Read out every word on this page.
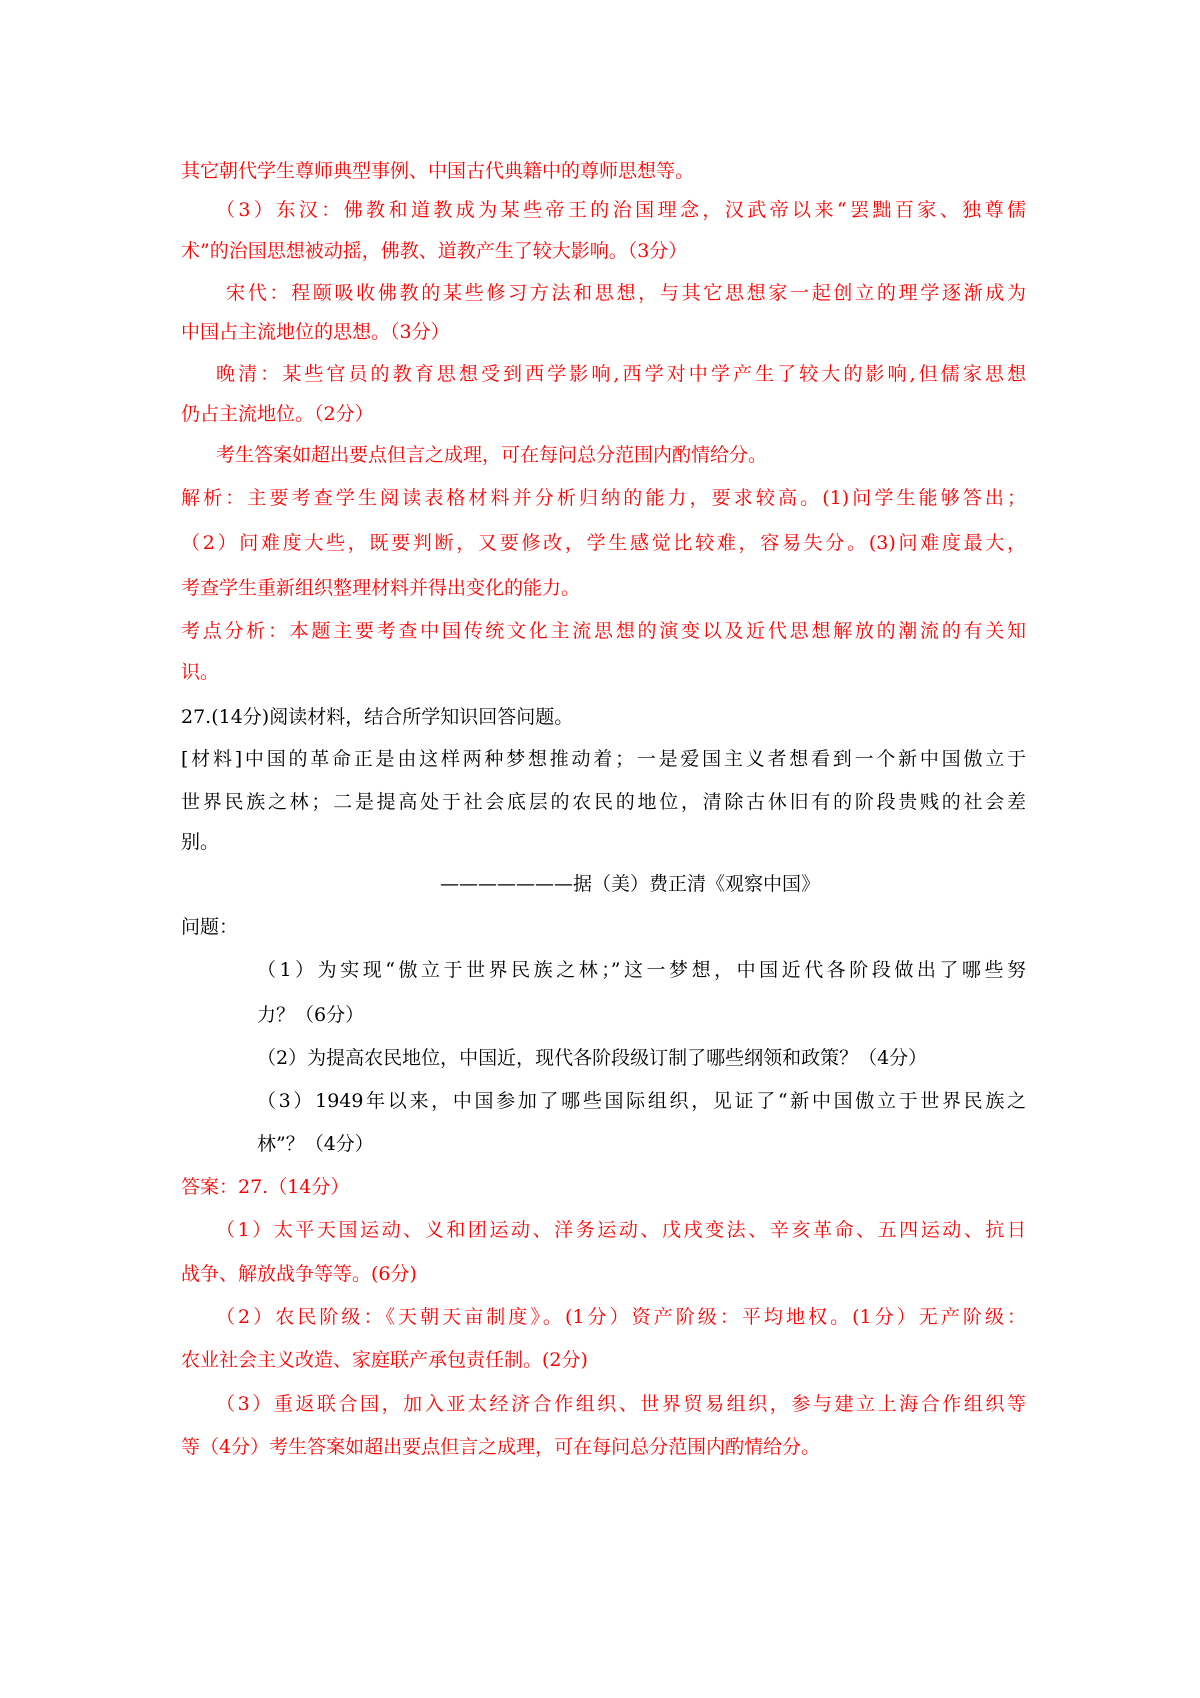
其它朝代学生尊师典型事例、中国古代典籍中的尊师思想等。
（3）东汉：佛教和道教成为某些帝王的治国理念，汉武帝以来“罢黜百家、独尊儒
术”的治国思想被动摇，佛教、道教产生了较大影响。（3分）
宋代：程颐吸收佛教的某些修习方法和思想，与其它思想家一起创立的理学逐渐成为
中国占主流地位的思想。（3分）
晚清：某些官员的教育思想受到西学影响,西学对中学产生了较大的影响,但儒家思想
仍占主流地位。（2分）
考生答案如超出要点但言之成理，可在每问总分范围内酌情给分。
解析：主要考查学生阅读表格材料并分析归纳的能力，要求较高。(1)问学生能够答出；
（2）问难度大些，既要判断，又要修改，学生感觉比较难，容易失分。(3)问难度最大，
考查学生重新组织整理材料并得出变化的能力。
考点分析：本题主要考查中国传统文化主流思想的演变以及近代思想解放的潮流的有关知
识。
27.(14分)阅读材料，结合所学知识回答问题。
[材料]中国的革命正是由这样两种梦想推动着；一是爱国主义者想看到一个新中国傲立于
世界民族之林；二是提高处于社会底层的农民的地位，清除古休旧有的阶段贵贱的社会差
别。
———————据（美）费正清《观察中国》
问题：
（1）为实现“傲立于世界民族之林；”这一梦想，中国近代各阶段做出了哪些努
力？（6分）
（2）为提高农民地位，中国近，现代各阶段级订制了哪些纲领和政策？（4分）
（3）1949年以来，中国参加了哪些国际组织，见证了“新中国傲立于世界民族之
林”？（4分）
答案：27.（14分）
（1）太平天国运动、义和团运动、洋务运动、戊戌变法、辛亥革命、五四运动、抗日
战争、解放战争等等。(6分)
（2）农民阶级：《天朝天亩制度》。(1分）资产阶级：平均地权。(1分）无产阶级：
农业社会主义改造、家庭联产承包责任制。(2分)
（3）重返联合国，加入亚太经济合作组织、世界贸易组织，参与建立上海合作组织等
等（4分）考生答案如超出要点但言之成理，可在每问总分范围内酌情给分。
